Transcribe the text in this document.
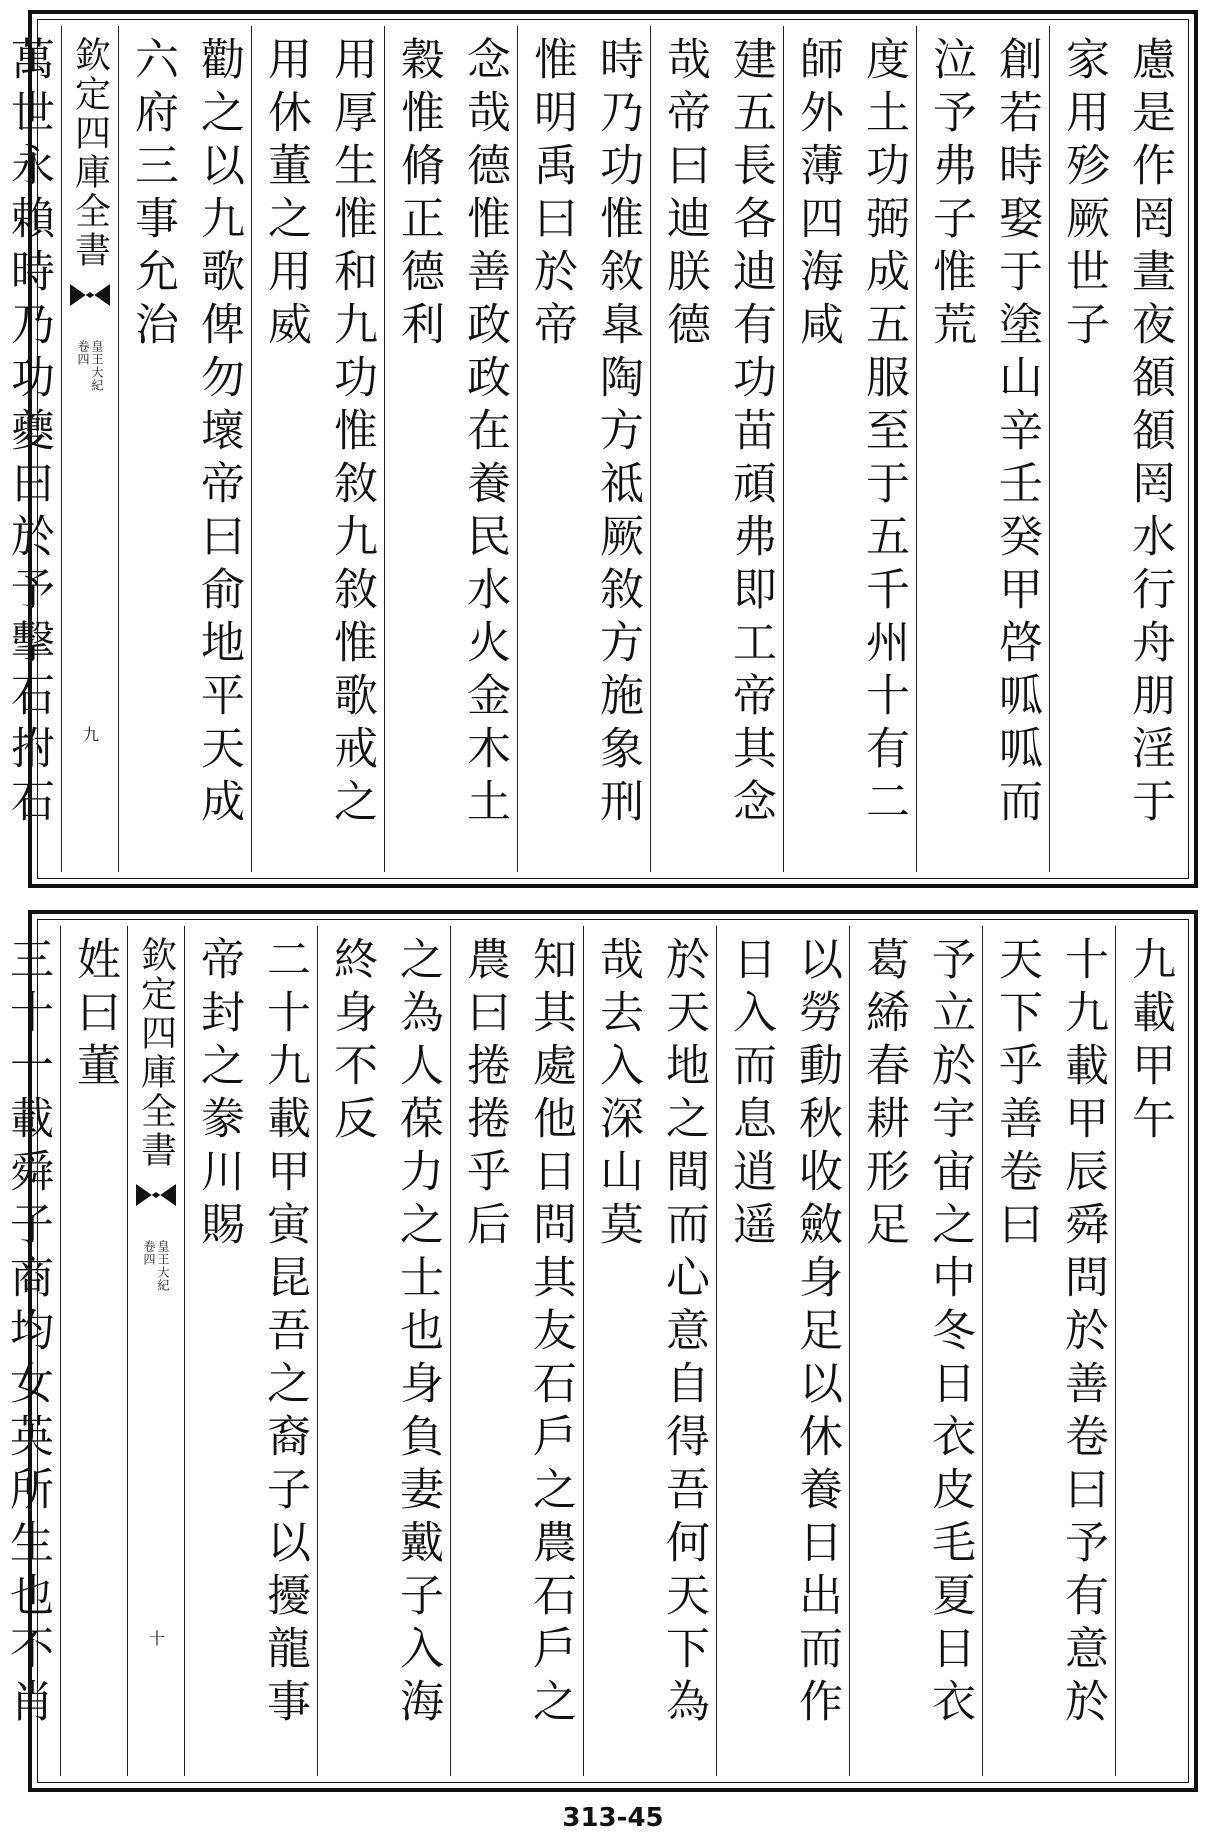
慮是作罔晝夜頟頟罔水行舟朋淫于家用殄厥世子
創若時娶于塗山辛壬癸甲啓呱呱而泣予弗子惟荒
度土功弼成五服至于五千州十有二師外薄四海咸
建五長各迪有功苗頑弗即工帝其念哉帝曰迪朕德
時乃功惟敘臯陶方祗厥敘方施象刑惟明禹曰於帝
念哉德惟善政政在養民水火金木土穀惟脩正德利
用厚生惟和九功惟敘九敘惟歌戒之用休董之用威
勸之以九歌俾勿壞帝曰俞地平天成六府三事允治
欽定四庫全書
皇王大紀
卷四
九
萬世永賴時乃功夔曰於予擊石拊石
九載甲午
十九載甲辰舜問於善卷曰予有意於天下乎善卷曰
予立於宇宙之中冬日衣皮毛夏日衣葛絺春耕形足
以勞動秋收斂身足以休養日出而作日入而息逍遥
於天地之間而心意自得吾何天下為哉去入深山莫
知其處他日問其友石戶之農石戶之農曰捲捲乎后
之為人葆力之士也身負妻戴子入海終身不反
二十九載甲寅昆吾之裔子以擾龍事帝封之豢川賜
欽定四庫全書
皇王大紀
卷四
十
姓曰董
三十一載舜子商均女英所生也不肖
313-45
